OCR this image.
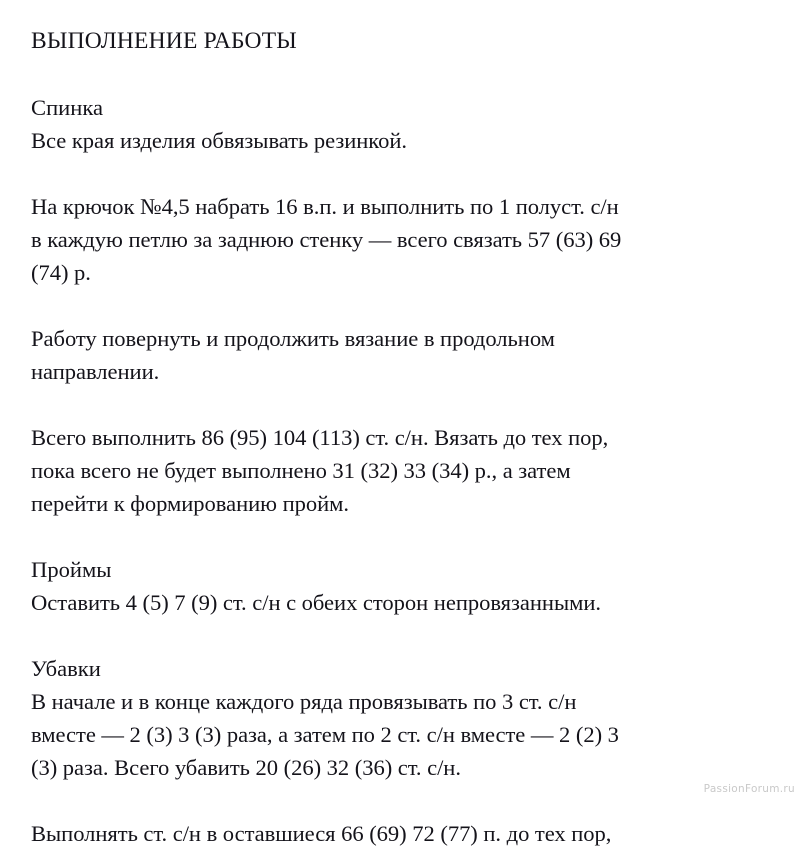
ВЫПОЛНЕНИЕ РАБОТЫ
Спинка
Все края изделия обвязывать резинкой.
На крючок №4,5 набрать 16 в.п. и выполнить по 1 полуст. с/н
в каждую петлю за заднюю стенку — всего связать 57 (63) 69
(74) р.
Работу повернуть и продолжить вязание в продольном
направлении.
Всего выполнить 86 (95) 104 (113) ст. с/н. Вязать до тех пор,
пока всего не будет выполнено 31 (32) 33 (34) р., а затем
перейти к формированию пройм.
Проймы
Оставить 4 (5) 7 (9) ст. с/н с обеих сторон непровязанными.
Убавки
В начале и в конце каждого ряда провязывать по 3 ст. с/н
вместе — 2 (3) 3 (3) раза, а затем по 2 ст. с/н вместе — 2 (2) 3
(3) раза. Всего убавить 20 (26) 32 (36) ст. с/н.
Выполнять ст. с/н в оставшиеся 66 (69) 72 (77) п. до тех пор,
PassionForum.ru
